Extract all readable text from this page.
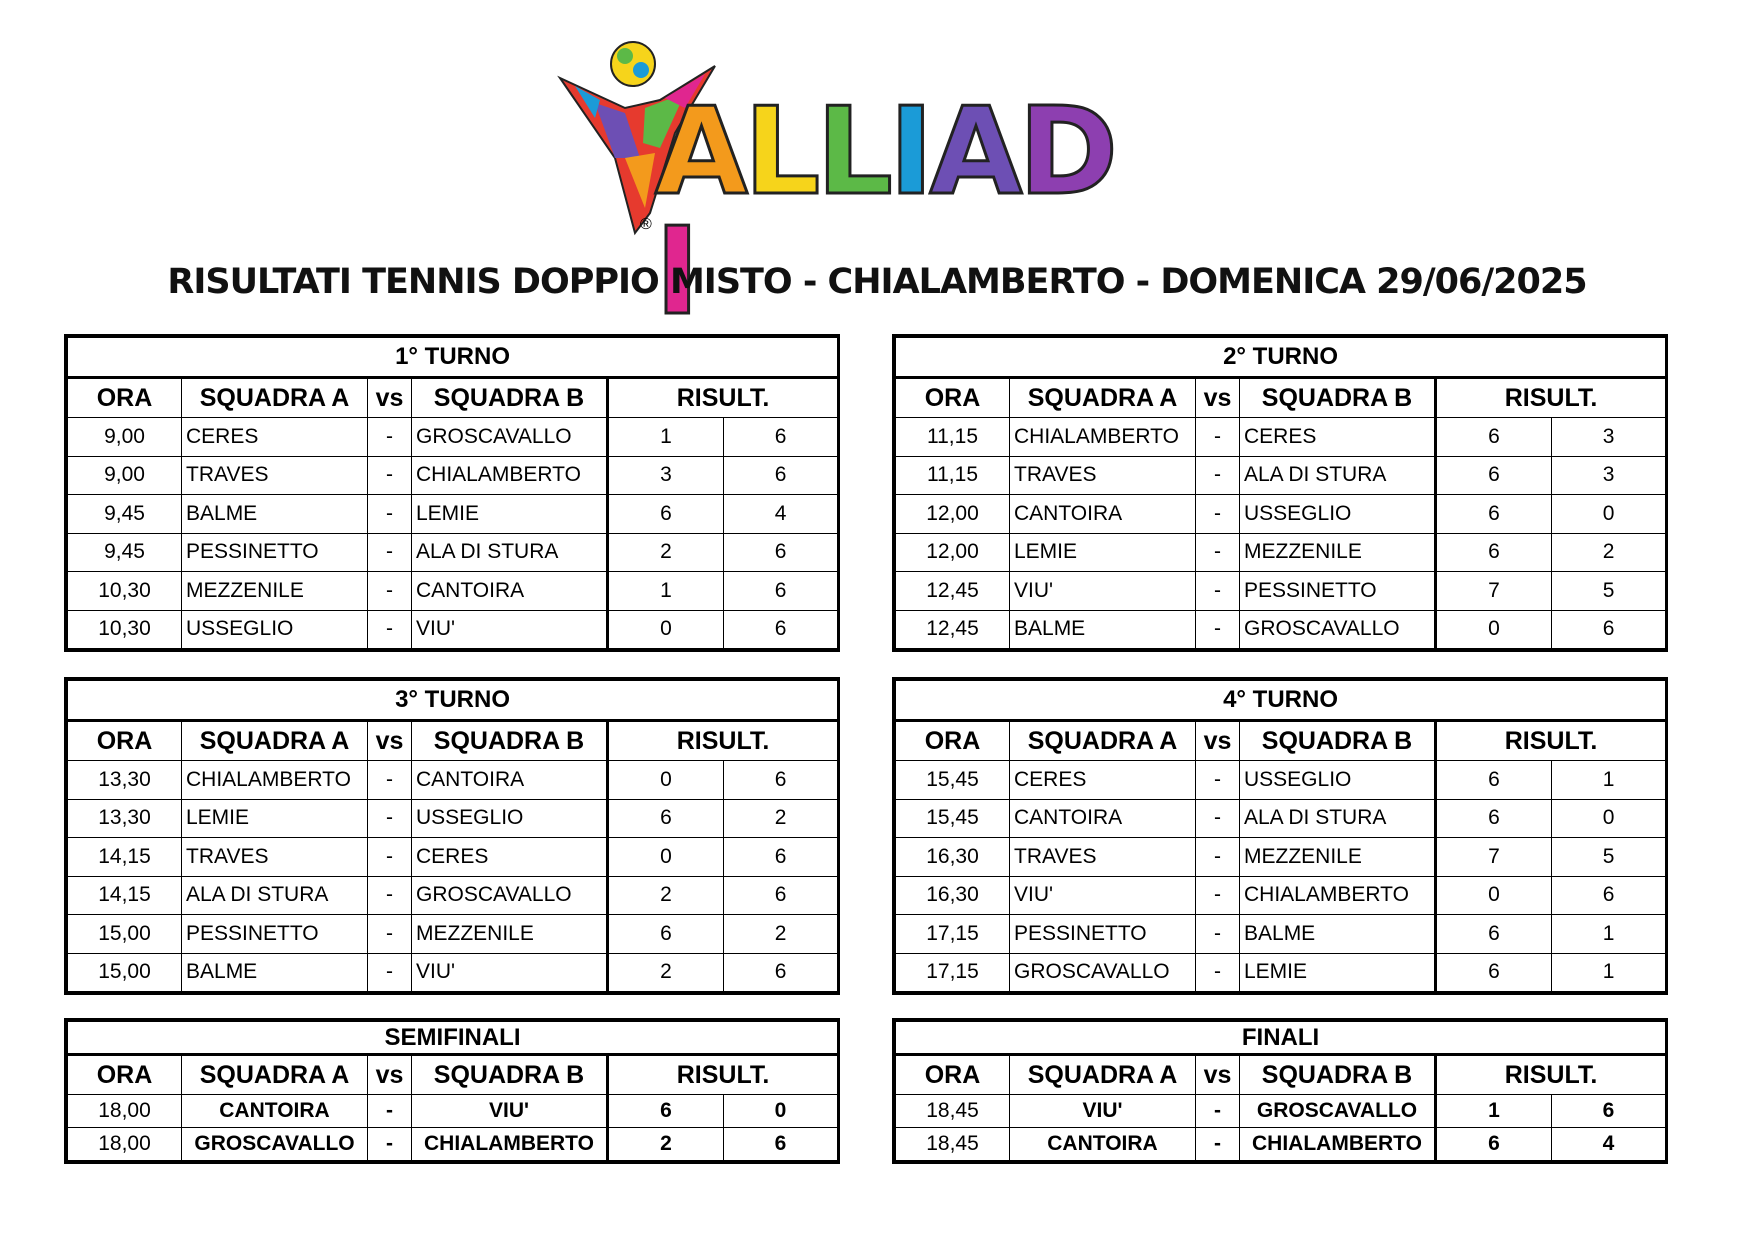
ALLIADI
®
RISULTATI TENNIS DOPPIO MISTO - CHIALAMBERTO - DOMENICA 29/06/2025
1° TURNO					
ORA	SQUADRA A	vs	SQUADRA B	RISULT.	
9,00	CERES	-	GROSCAVALLO	1	6
9,00	TRAVES	-	CHIALAMBERTO	3	6
9,45	BALME	-	LEMIE	6	4
9,45	PESSINETTO	-	ALA DI STURA	2	6
10,30	MEZZENILE	-	CANTOIRA	1	6
10,30	USSEGLIO	-	VIU'	0	6
2° TURNO					
ORA	SQUADRA A	vs	SQUADRA B	RISULT.	
11,15	CHIALAMBERTO	-	CERES	6	3
11,15	TRAVES	-	ALA DI STURA	6	3
12,00	CANTOIRA	-	USSEGLIO	6	0
12,00	LEMIE	-	MEZZENILE	6	2
12,45	VIU'	-	PESSINETTO	7	5
12,45	BALME	-	GROSCAVALLO	0	6
3° TURNO					
ORA	SQUADRA A	vs	SQUADRA B	RISULT.	
13,30	CHIALAMBERTO	-	CANTOIRA	0	6
13,30	LEMIE	-	USSEGLIO	6	2
14,15	TRAVES	-	CERES	0	6
14,15	ALA DI STURA	-	GROSCAVALLO	2	6
15,00	PESSINETTO	-	MEZZENILE	6	2
15,00	BALME	-	VIU'	2	6
4° TURNO					
ORA	SQUADRA A	vs	SQUADRA B	RISULT.	
15,45	CERES	-	USSEGLIO	6	1
15,45	CANTOIRA	-	ALA DI STURA	6	0
16,30	TRAVES	-	MEZZENILE	7	5
16,30	VIU'	-	CHIALAMBERTO	0	6
17,15	PESSINETTO	-	BALME	6	1
17,15	GROSCAVALLO	-	LEMIE	6	1
SEMIFINALI					
ORA	SQUADRA A	vs	SQUADRA B	RISULT.	
18,00	CANTOIRA	-	VIU'	6	0
18,00	GROSCAVALLO	-	CHIALAMBERTO	2	6
FINALI					
ORA	SQUADRA A	vs	SQUADRA B	RISULT.	
18,45	VIU'	-	GROSCAVALLO	1	6
18,45	CANTOIRA	-	CHIALAMBERTO	6	4
